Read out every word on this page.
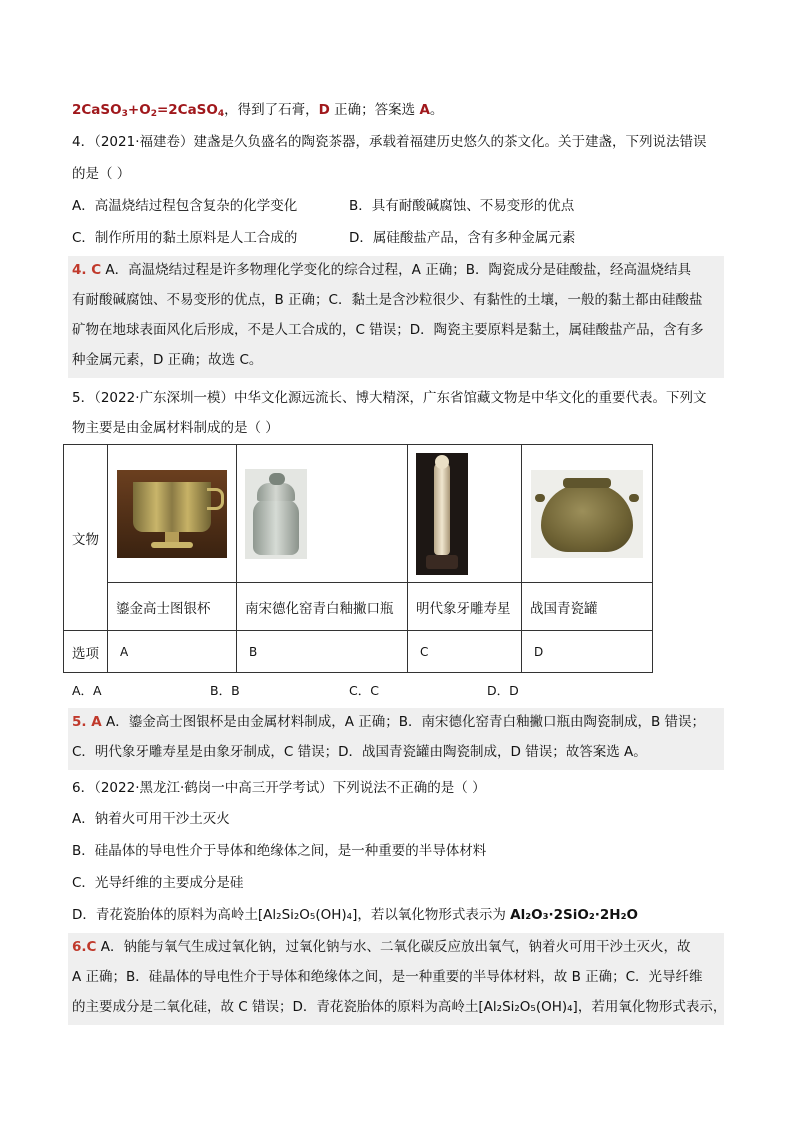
$2CaSO_3+O_2=2CaSO_4$，得到了石膏，D 正确；答案选 A。
4．（2021·福建卷）建盏是久负盛名的陶瓷茶器，承载着福建历史悠久的茶文化。关于建盏，下列说法错误
的是（ ）
A．高温烧结过程包含复杂的化学变化	B．具有耐酸碱腐蚀、不易变形的优点
C．制作所用的黏土原料是人工合成的	D．属硅酸盐产品，含有多种金属元素
4. C A．高温烧结过程是许多物理化学变化的综合过程，A 正确；B．陶瓷成分是硅酸盐，经高温烧结具
有耐酸碱腐蚀、不易变形的优点，B 正确；C．黏土是含沙粒很少、有黏性的土壤，一般的黏土都由硅酸盐
矿物在地球表面风化后形成，不是人工合成的，C 错误；D．陶瓷主要原料是黏土，属硅酸盐产品，含有多
种金属元素，D 正确；故选 C。
5．（2022·广东深圳一模）中华文化源远流长、博大精深，广东省馆藏文物是中华文化的重要代表。下列文
物主要是由金属材料制成的是（ ）
文物	

	鎏金高士图银杯	南宋德化窑青白釉撇口瓶	明代象牙雕寿星	战国青瓷罐
选项	A	B	C	D
A．A	B．B	C．C	D．D
5. A A．鎏金高士图银杯是由金属材料制成，A 正确；B．南宋德化窑青白釉撇口瓶由陶瓷制成，B 错误；
C．明代象牙雕寿星是由象牙制成，C 错误；D．战国青瓷罐由陶瓷制成，D 错误；故答案选 A。
6．（2022·黑龙江·鹤岗一中高三开学考试）下列说法不正确的是（ ）
A．钠着火可用干沙土灭火
B．硅晶体的导电性介于导体和绝缘体之间，是一种重要的半导体材料
C．光导纤维的主要成分是硅
D．青花瓷胎体的原料为高岭土[Al₂Si₂O₅(OH)₄]，若以氧化物形式表示为 Al₂O₃·2SiO₂·2H₂O
6.C A．钠能与氧气生成过氧化钠，过氧化钠与水、二氧化碳反应放出氧气，钠着火可用干沙土灭火，故
A 正确；B．硅晶体的导电性介于导体和绝缘体之间，是一种重要的半导体材料，故 B 正确；C．光导纤维
的主要成分是二氧化硅，故 C 错误；D．青花瓷胎体的原料为高岭土[Al₂Si₂O₅(OH)₄]，若用氧化物形式表示，
